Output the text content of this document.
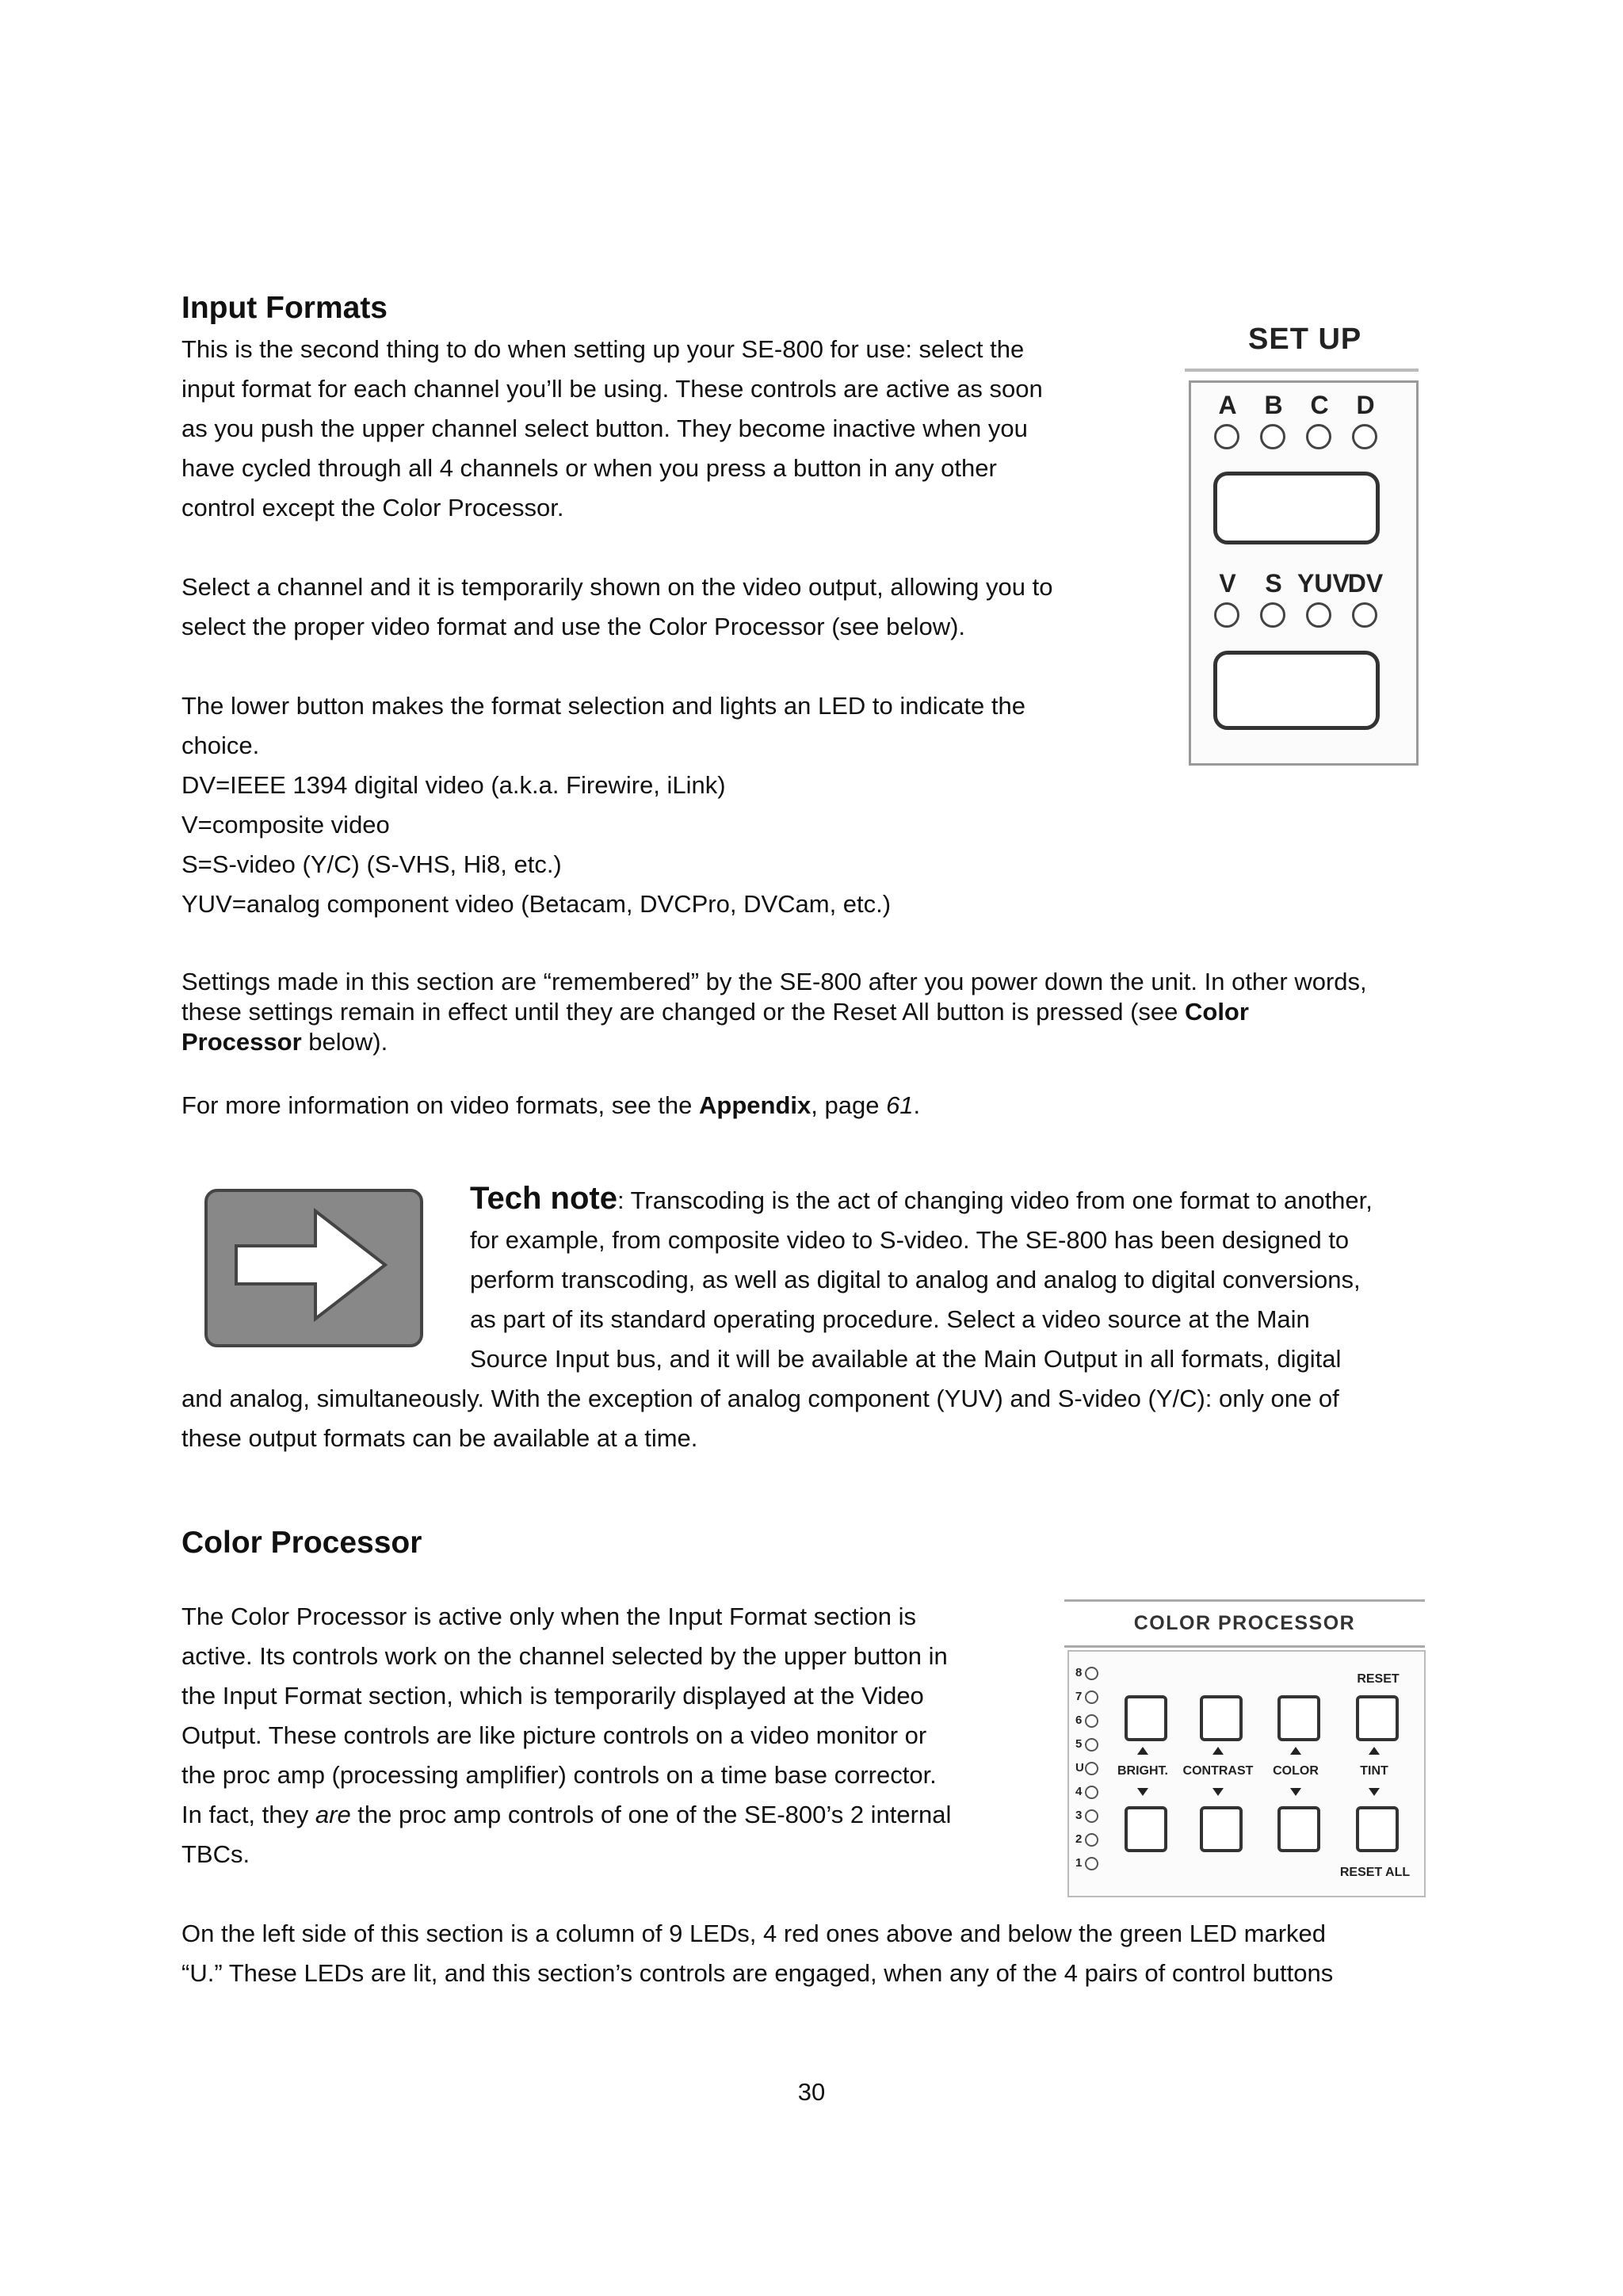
Input Formats
This is the second thing to do when setting up your SE-800 for use: select the
input format for each channel you’ll be using. These controls are active as soon
as you push the upper channel select button. They become inactive when you
have cycled through all 4 channels or when you press a button in any other
control except the Color Processor.
Select a channel and it is temporarily shown on the video output, allowing you to
select the proper video format and use the Color Processor (see below).
The lower button makes the format selection and lights an LED to indicate the
choice.
DV=IEEE 1394 digital video (a.k.a. Firewire, iLink)
V=composite video
S=S-video (Y/C) (S-VHS, Hi8, etc.)
YUV=analog component video (Betacam, DVCPro, DVCam, etc.)
Settings made in this section are “remembered” by the SE-800 after you power down the unit. In other words,
these settings remain in effect until they are changed or the Reset All button is pressed (see Color
Processor below).
For more information on video formats, see the Appendix, page 61.
SET UP
A B C D
V S YUV
DV
Tech note: Transcoding is the act of changing video from one format to another,
for example, from composite video to S-video. The SE-800 has been designed to
perform transcoding, as well as digital to analog and analog to digital conversions,
as part of its standard operating procedure. Select a video source at the Main
Source Input bus, and it will be available at the Main Output in all formats, digital
and analog, simultaneously. With the exception of analog component (YUV) and S-video (Y/C): only one of
these output formats can be available at a time.
Color Processor
The Color Processor is active only when the Input Format section is
active. Its controls work on the channel selected by the upper button in
the Input Format section, which is temporarily displayed at the Video
Output. These controls are like picture controls on a video monitor or
the proc amp (processing amplifier) controls on a time base corrector.
In fact, they are the proc amp controls of one of the SE-800’s 2 internal
TBCs.
On the left side of this section is a column of 9 LEDs, 4 red ones above and below the green LED marked
“U.” These LEDs are lit, and this section’s controls are engaged, when any of the 4 pairs of control buttons
COLOR PROCESSOR
8
7
6
5
U
4
3
2
1
RESET
BRIGHT.	CONTRAST	COLOR	TINT
RESET ALL
30
